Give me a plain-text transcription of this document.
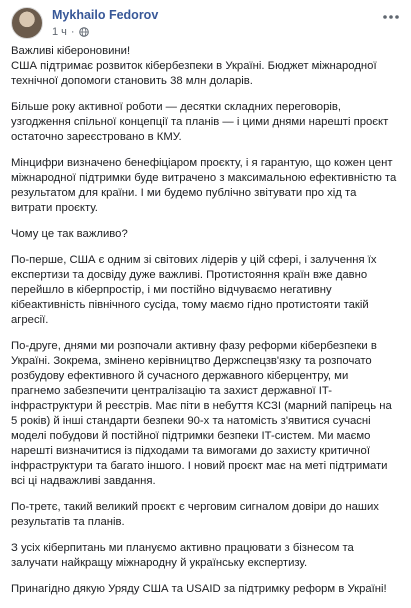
Mykhailo Fedorov
1 ч ·

Важливі кібероновини!
США підтримає розвиток кібербезпеки в Україні. Бюджет міжнародної технічної допомоги становить 38 млн доларів.

Більше року активної роботи — десятки складних переговорів, узгодження спільної концепції та планів — і цими днями нарешті проєкт остаточно зареєстровано в КМУ.

Мінцифри визначено бенефіціаром проєкту, і я гарантую, що кожен цент міжнародної підтримки буде витрачено з максимальною ефективністю та результатом для країни. І ми будемо публічно звітувати про хід та витрати проєкту.

Чому це так важливо?

По-перше, США є одним зі світових лідерів у цій сфері, і залучення їх експертизи та досвіду дуже важливі. Протистояння країн вже давно перейшло в кіберпростір, і ми постійно відчуваємо негативну кібеактивність північного сусіда, тому маємо гідно протистояти такій агресії.

По-друге, днями ми розпочали активну фазу реформи кібербезпеки в Україні. Зокрема, змінено керівництво Держспецзв'язку та розпочато розбудову ефективного й сучасного державного кіберцентру, ми прагнемо забезпечити централізацію та захист державної IT-інфраструктури й реєстрів. Має піти в небуття КСЗІ (марний папірець на 5 років) й інші стандарти безпеки 90-х та натомість з'явитися сучасні моделі побудови й постійної підтримки безпеки IT-систем. Ми маємо нарешті визначитися із підходами та вимогами до захисту критичної інфраструктури та багато іншого. І новий проєкт має на меті підтримати всі ці надважливі завдання.

По-третє, такий великий проєкт є черговим сигналом довіри до наших результатів та планів.

З усіх кіберпитань ми плануємо активно працювати з бізнесом та залучати найкращу міжнародну й українську експертизу.

Принагідно дякую Уряду США та USAID за підтримку реформ в Україні!
